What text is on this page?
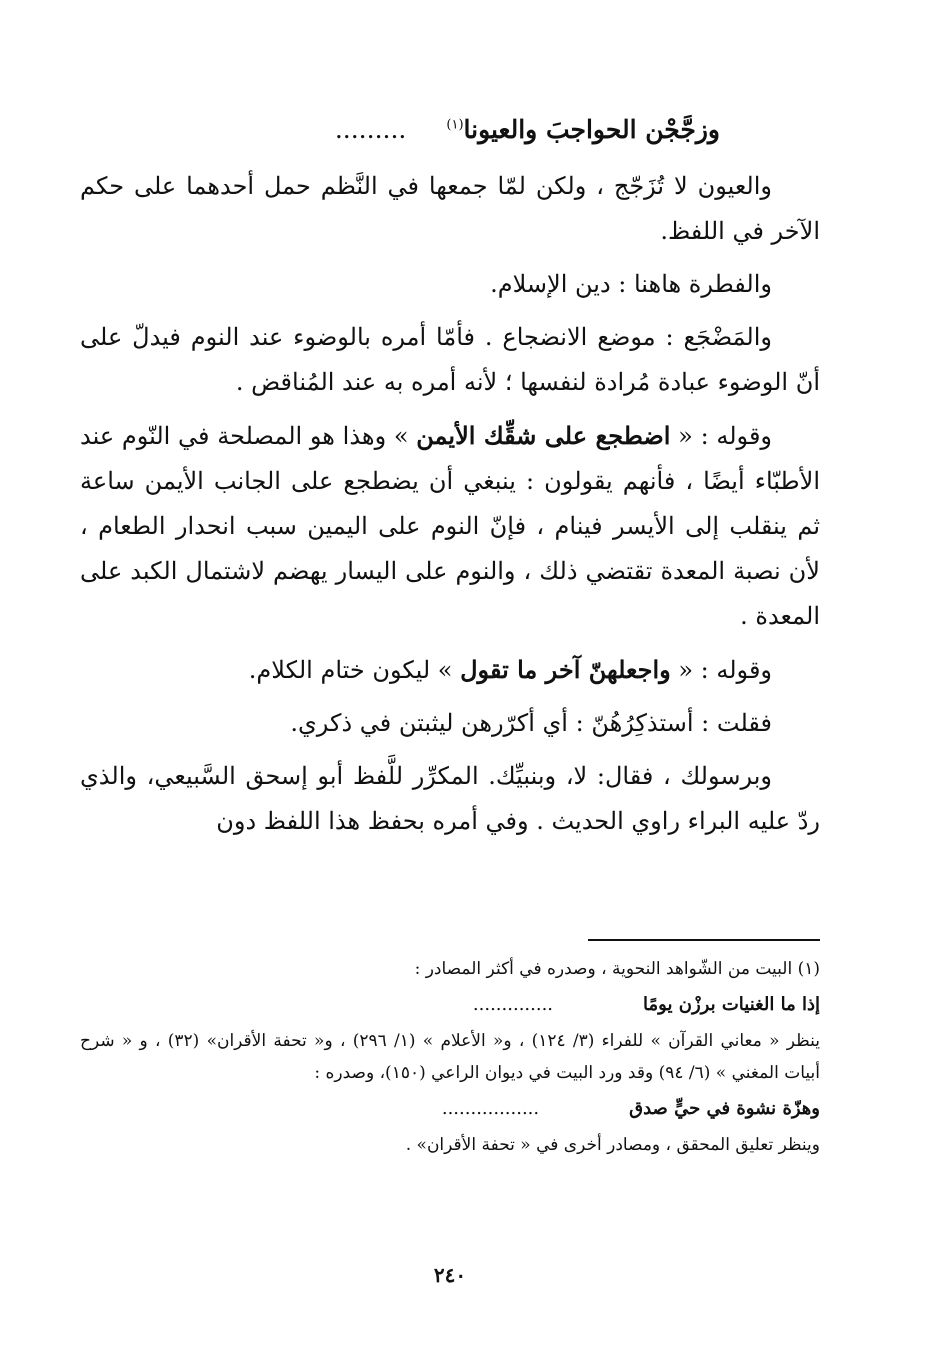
وزجَّجْن الحواجبَ والعيونا$^{(١)}$.........

والعيون لا تُزَجّج ، ولكن لمّا جمعها في النَّظم حمل أحدهما على حكم الآخر في اللفظ.

والفطرة هاهنا : دين الإسلام.

والمَضْجَع : موضع الانضجاع . فأمّا أمره بالوضوء عند النوم فيدلّ على أنّ الوضوء عبادة مُرادة لنفسها ؛ لأنه أمره به عند المُناقض .

وقوله : « اضطجع على شقِّك الأيمن » وهذا هو المصلحة في النّوم عند الأطبّاء أيضًا ، فأنهم يقولون : ينبغي أن يضطجع على الجانب الأيمن ساعة ثم ينقلب إلى الأيسر فينام ، فإنّ النوم على اليمين سبب انحدار الطعام ، لأن نصبة المعدة تقتضي ذلك ، والنوم على اليسار يهضم لاشتمال الكبد على المعدة .

وقوله : « واجعلهنّ آخر ما تقول » ليكون ختام الكلام.

فقلت : أستذكِرُهُنّ : أي أكرّرهن ليثبتن في ذكري.

وبرسولك ، فقال: لا، وبنبيِّك. المكرِّر للَّفظ أبو إسحق السَّبيعي، والذي ردّ عليه البراء راوي الحديث . وفي أمره بحفظ هذا اللفظ دون

(١) البيت من الشّواهد النحوية ، وصدره في أكثر المصادر :

إذا ما الغنيات برزْن يومًا..............

ينظر « معاني القرآن » للفراء (٣/ ١٢٤) ، و« الأعلام » (١/ ٢٩٦) ، و« تحفة الأقران» (٣٢) ، و « شرح أبيات المغني » (٦/ ٩٤) وقد ورد البيت في ديوان الراعي (١٥٠)، وصدره :

وهزّة نشوة في حيٍّ صدق.................

وينظر تعليق المحقق ، ومصادر أخرى في « تحفة الأقران» .

٢٤٠
